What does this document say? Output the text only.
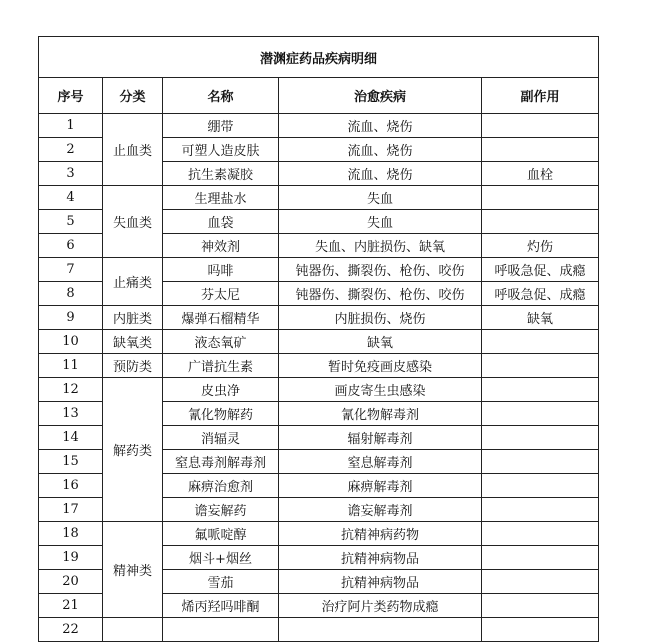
潜渊症药品疾病明细				
序号	分类	名称	治愈疾病	副作用
1	止血类	绷带	流血、烧伤	
2		可塑人造皮肤	流血、烧伤	
3		抗生素凝胶	流血、烧伤	血栓
4	失血类	生理盐水	失血	
5		血袋	失血	
6		神效剂	失血、内脏损伤、缺氧	灼伤
7	止痛类	吗啡	钝器伤、撕裂伤、枪伤、咬伤	呼吸急促、成瘾
8		芬太尼	钝器伤、撕裂伤、枪伤、咬伤	呼吸急促、成瘾
9	内脏类	爆弹石榴精华	内脏损伤、烧伤	缺氧
10	缺氧类	液态氧矿	缺氧	
11	预防类	广谱抗生素	暂时免疫画皮感染	
12	解药类	皮虫净	画皮寄生虫感染	
13		氰化物解药	氰化物解毒剂	
14		消辐灵	辐射解毒剂	
15		窒息毒剂解毒剂	窒息解毒剂	
16		麻痹治愈剂	麻痹解毒剂	
17		谵妄解药	谵妄解毒剂	
18	精神类	氟哌啶醇	抗精神病药物	
19		烟斗+烟丝	抗精神病物品	
20		雪茄	抗精神病物品	
21		烯丙羟吗啡酮	治疗阿片类药物成瘾	
22				
